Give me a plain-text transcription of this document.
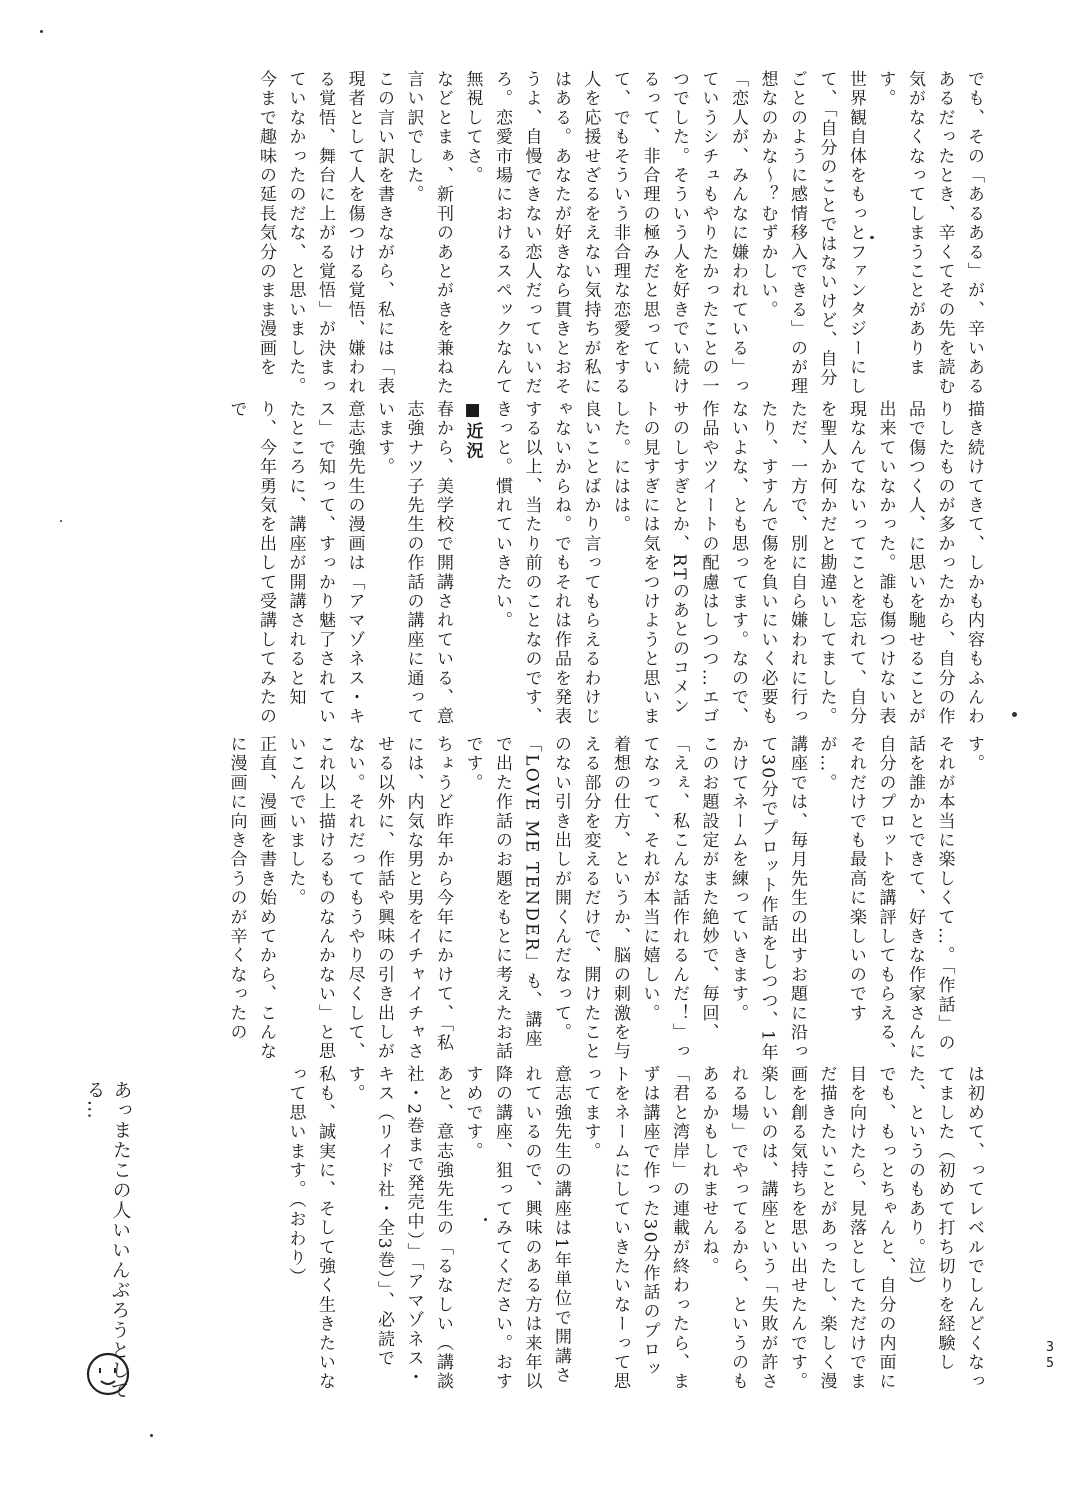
でも、その「あるある」が、辛いあるあるだったとき、辛くてその先を読む気がなくなってしまうことがあります。

世界観自体をもっとファンタジーにして、「自分のことではないけど、自分ごとのように感情移入できる」のが理想なのかな〜？むずかしい。

「恋人が、みんなに嫌われている」っていうシチュもやりたかったことの一つでした。そういう人を好きでい続けるって、非合理の極みだと思っていて、でもそういう非合理な恋愛をする人を応援せざるをえない気持ちが私にはある。あなたが好きなら貫きとおそうよ、自慢できない恋人だっていいだろ。恋愛市場におけるスペックなんて無視してさ。

などとまぁ、新刊のあとがきを兼ねた言い訳でした。

この言い訳を書きながら、私には「表現者として人を傷つける覚悟、嫌われる覚悟、舞台に上がる覚悟」が決まっていなかったのだな、と思いました。

今まで趣味の延長気分のまま漫画を

描き続けてきて、しかも内容もふんわりしたものが多かったから、自分の作品で傷つく人、に思いを馳せることが出来ていなかった。誰も傷つけない表現なんてないってことを忘れて、自分を聖人か何かだと勘違いしてました。

ただ、一方で、別に自ら嫌われに行ったり、すすんで傷を負いにいく必要もないよな、とも思ってます。なので、作品やツイートの配慮はしつつ…エゴサのしすぎとか、RTのあとのコメントの見すぎには気をつけようと思いました。にはは。

良いことばかり言ってもらえるわけじゃないからね。でもそれは作品を発表する以上、当たり前のことなのです、きっと。慣れていきたい。

■近況

春から、美学校で開講されている、意志強ナツ子先生の作話の講座に通っています。

意志強先生の漫画は「アマゾネス・キス」で知って、すっかり魅了されていたところに、講座が開講されると知り、今年勇気を出して受講してみたので

す。

それが本当に楽しくて…。「作話」の話を誰かとできて、好きな作家さんに自分のプロットを講評してもらえる、それだけでも最高に楽しいのですが…。

講座では、毎月先生の出すお題に沿って30分でプロット作話をしつつ、1年かけてネームを練っていきます。

このお題設定がまた絶妙で、毎回、「えぇ、私こんな話作れるんだ！」ってなって、それが本当に嬉しい。

着想の仕方、というか、脳の刺激を与える部分を変えるだけで、開けたことのない引き出しが開くんだなって。

「LOVE ME TENDER」も、講座で出た作話のお題をもとに考えたお話です。

ちょうど昨年から今年にかけて、「私には、内気な男と男をイチャイチャさせる以外に、作話や興味の引き出しがない。それだってもうやり尽くして、これ以上描けるものなんかない」と思いこんでいました。

正直、漫画を書き始めてから、こんなに漫画に向き合うのが辛くなったの

は初めて、ってレベルでしんどくなってました（初めて打ち切りを経験した、というのもあり。泣）

でも、もっとちゃんと、自分の内面に目を向けたら、見落としてただけでまだ描きたいことがあったし、楽しく漫画を創る気持ちを思い出せたんです。

楽しいのは、講座という「失敗が許される場」でやってるから、というのもあるかもしれませんね。

「君と湾岸」の連載が終わったら、まずは講座で作った30分作話のプロットをネームにしていきたいなーって思ってます。

意志強先生の講座は1年単位で開講されているので、興味のある方は来年以降の講座、狙ってみてください。おすすめです。

あと、意志強先生の「るなしい（講談社・2巻まで発売中）」「アマゾネス・キス（リイド社・全3巻）」、必読です。

私も、誠実に、そして強く生きたいなって思います。（おわり）

あっまたこの人いいんぶろうとしてる…
35
